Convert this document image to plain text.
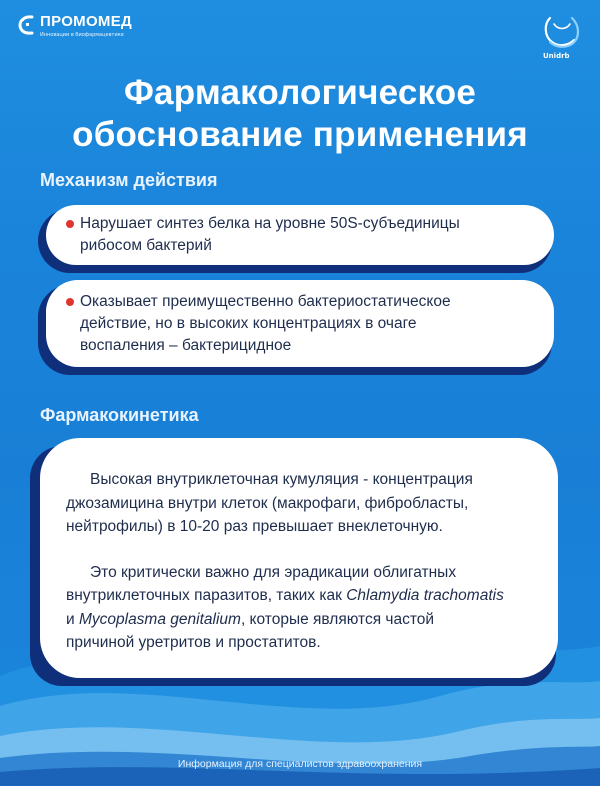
ПРОМОМЕД
Инновации в биофармацевтике
Unidrb
Фармакологическое
обоснование применения
Механизм действия
Нарушает синтез белка на уровне 50S-субъединицы
рибосом бактерий
Оказывает преимущественно бактериостатическое
действие, но в высоких концентрациях в очаге
воспаления – бактерицидное
Фармакокинетика
Высокая внутриклеточная кумуляция - концентрация
джозамицина внутри клеток (макрофаги, фибробласты,
нейтрофилы) в 10-20 раз превышает внеклеточную.
Это критически важно для эрадикации облигатных
внутриклеточных паразитов, таких как Chlamydia trachomatis
и Mycoplasma genitalium, которые являются частой
причиной уретритов и простатитов.
Информация для специалистов здравоохранения
